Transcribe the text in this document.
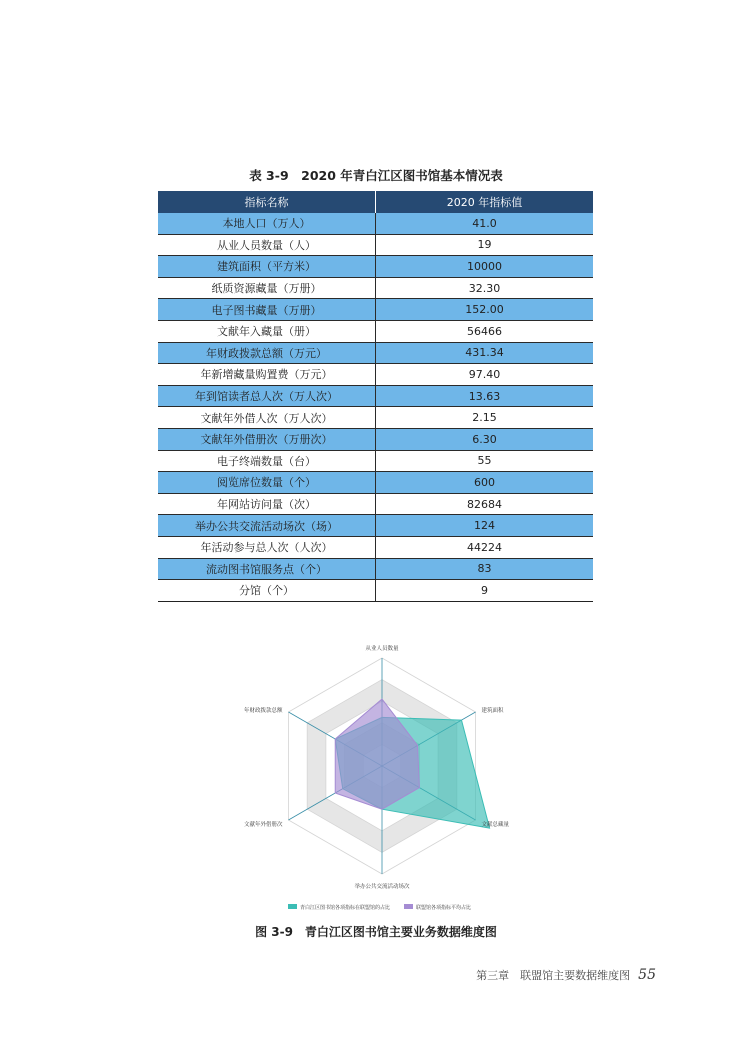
表 3-9　2020 年青白江区图书馆基本情况表
指标名称	2020 年指标值
本地人口（万人）	41.0
从业人员数量（人）	19
建筑面积（平方米）	10000
纸质资源藏量（万册）	32.30
电子图书藏量（万册）	152.00
文献年入藏量（册）	56466
年财政拨款总额（万元）	431.34
年新增藏量购置费（万元）	97.40
年到馆读者总人次（万人次）	13.63
文献年外借人次（万人次）	2.15
文献年外借册次（万册次）	6.30
电子终端数量（台）	55
阅览席位数量（个）	600
年网站访问量（次）	82684
举办公共交流活动场次（场）	124
年活动参与总人次（人次）	44224
流动图书馆服务点（个）	83
分馆（个）	9
从业人员数量
建筑面积
文献总藏量
举办公共交流活动场次
文献年外借册次
年财政拨款总额
青白江区图书馆各项指标在联盟馆的占比	联盟馆各项指标平均占比
图 3-9　青白江区图书馆主要业务数据维度图
第三章　联盟馆主要数据维度图 55
